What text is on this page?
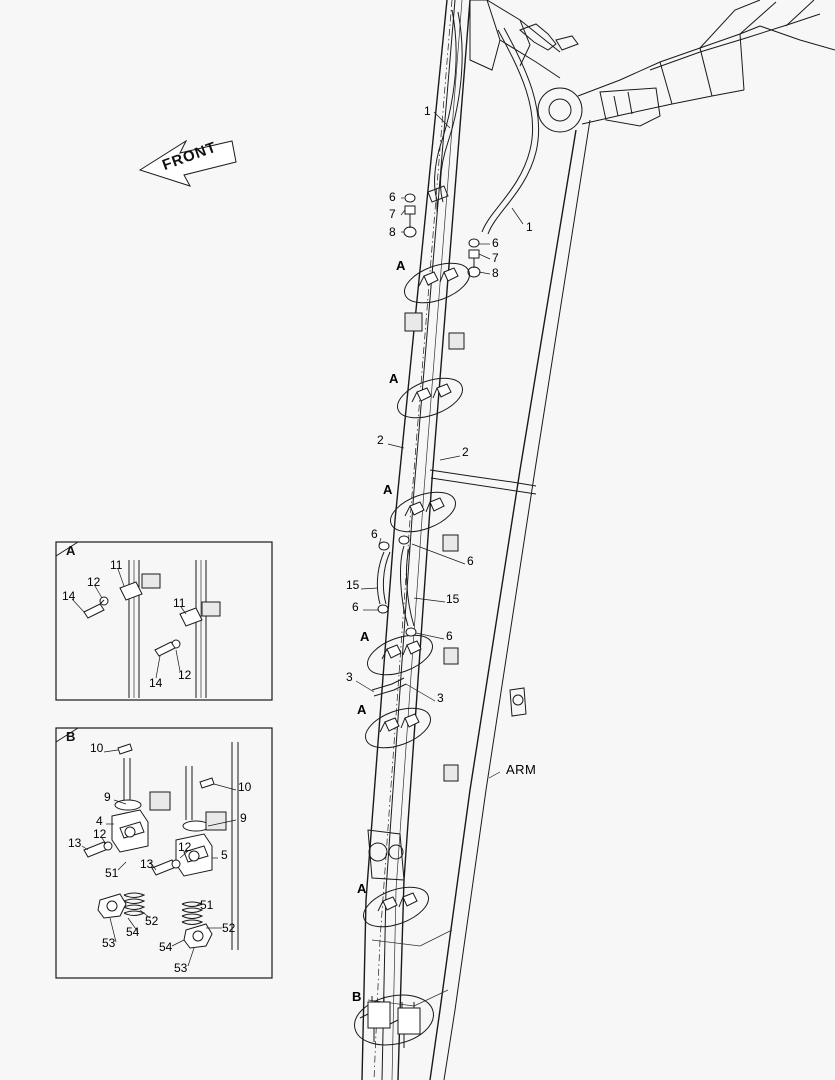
FRONT
ARM
A
B
A
A
A
A
A
A
B
1
1
6
7
8
6
7
8
2
2
6
6
15
15
6
6
3
3
14
12
11
11
12
14
10
10
9
9
4
13
12
51
13
12
5
51
52	52
54
54
53
53
